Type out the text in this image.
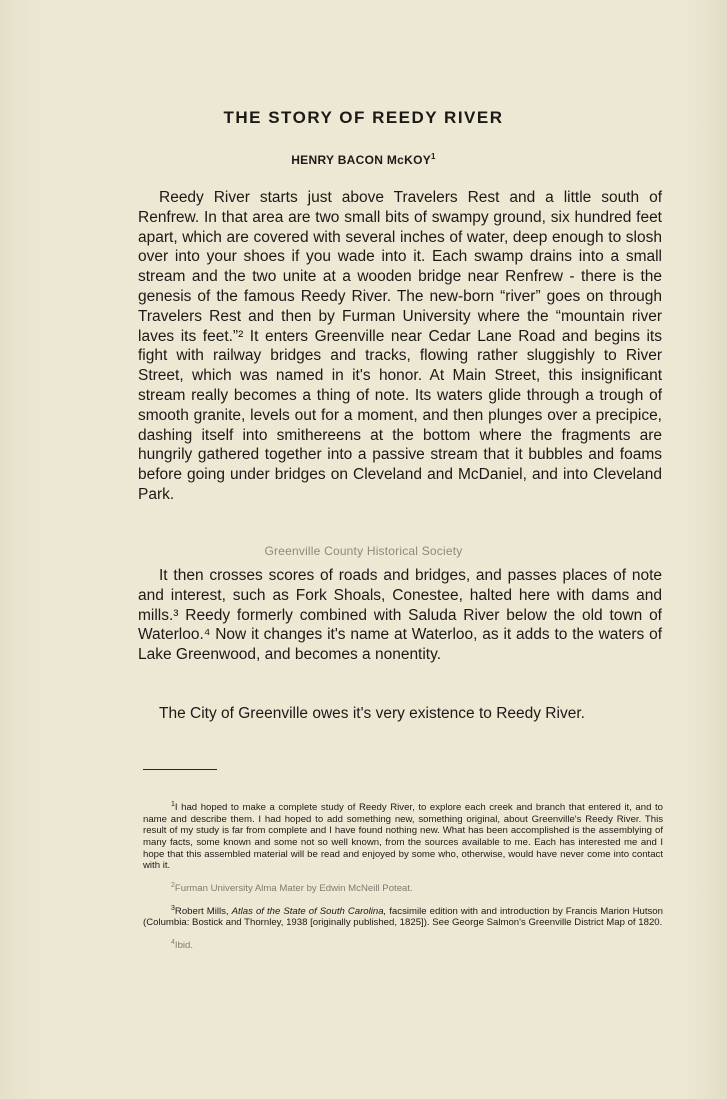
THE STORY OF REEDY RIVER
HENRY BACON McKOY$^1$

Reedy River starts just above Travelers Rest and a little south of Renfrew. In that area are two small bits of swampy ground, six hundred feet apart, which are covered with several inches of water, deep enough to slosh over into your shoes if you wade into it. Each swamp drains into a small stream and the two unite at a wooden bridge near Renfrew - there is the genesis of the famous Reedy River. The new-born “river” goes on through Travelers Rest and then by Furman University where the “mountain river laves its feet.”² It enters Greenville near Cedar Lane Road and begins its fight with railway bridges and tracks, flowing rather sluggishly to River Street, which was named in it's honor. At Main Street, this insignificant stream really becomes a thing of note. Its waters glide through a trough of smooth granite, levels out for a moment, and then plunges over a precipice, dashing itself into smithereens at the bottom where the fragments are hungrily gathered together into a passive stream that it bubbles and foams before going under bridges on Cleveland and McDaniel, and into Cleveland Park.

Greenville County Historical Society

It then crosses scores of roads and bridges, and passes places of note and interest, such as Fork Shoals, Conestee, halted here with dams and mills.³ Reedy formerly combined with Saluda River below the old town of Waterloo.⁴ Now it changes it's name at Waterloo, as it adds to the waters of Lake Greenwood, and becomes a nonentity.

The City of Greenville owes it's very existence to Reedy River.

$^1$I had hoped to make a complete study of Reedy River, to explore each creek and branch that entered it, and to name and describe them. I had hoped to add something new, something original, about Greenville's Reedy River. This result of my study is far from complete and I have found nothing new. What has been accomplished is the assemblying of many facts, some known and some not so well known, from the sources available to me. Each has interested me and I hope that this assembled material will be read and enjoyed by some who, otherwise, would have never come into contact with it.

$^2$Furman University Alma Mater by Edwin McNeill Poteat.

$^3$Robert Mills, Atlas of the State of South Carolina, facsimile edition with and introduction by Francis Marion Hutson (Columbia: Bostick and Thornley, 1938 [originally published, 1825]). See George Salmon's Greenville District Map of 1820.

$^4$Ibid.
